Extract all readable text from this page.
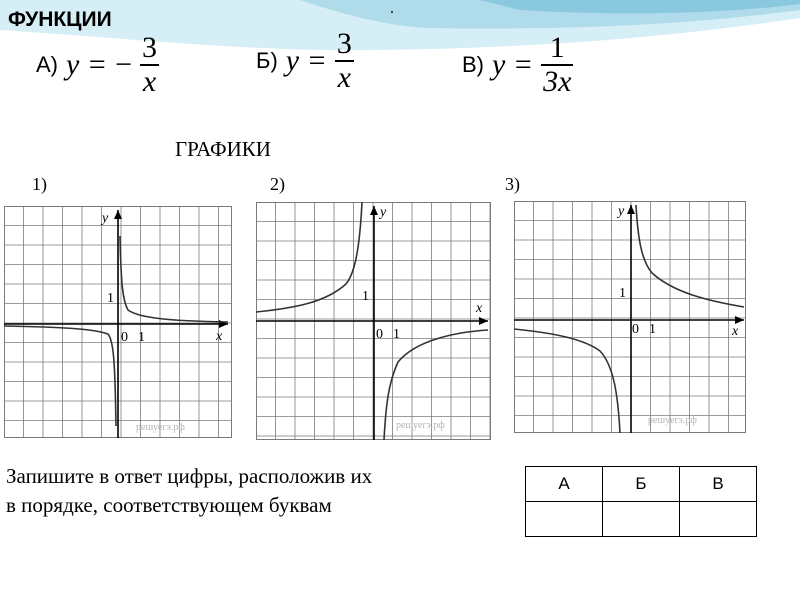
ФУНКЦИИ	.
А) y = − $\frac{3}{x}$	Б) $y = \frac{3}{x}$	В) $y = \frac{1}{3x}$
ГРАФИКИ
1)	2)	3)
y
x
1
0 1
решуегэ.рф
y
x
1
0 1
решуегэ.рф
y
x
1
0 1
решуегэ.рф
Запишите в ответ цифры, расположив их
в порядке, соответствующем буквам
А	Б	В
